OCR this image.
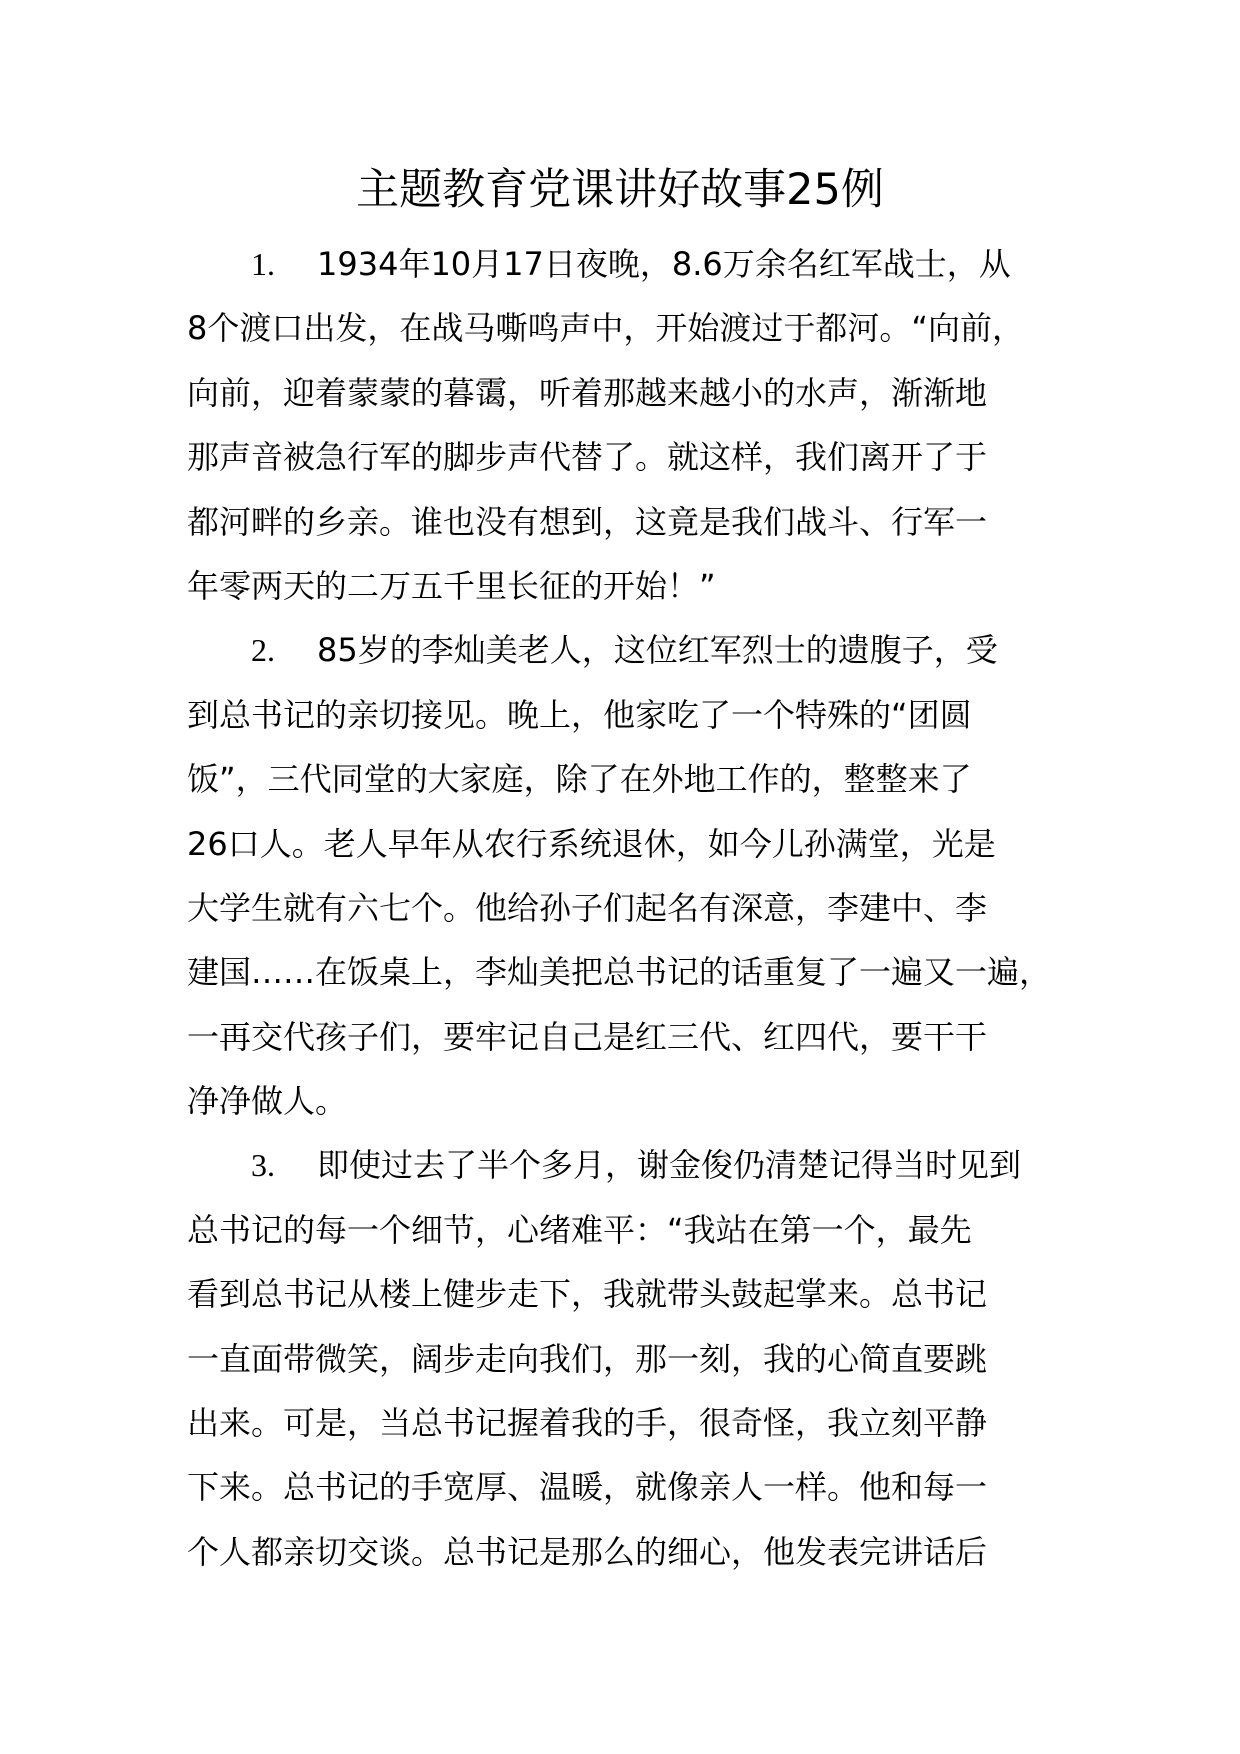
主题教育党课讲好故事25例
1. 1934年10月17日夜晚，8.6万余名红军战士，从
8个渡口出发，在战马嘶鸣声中，开始渡过于都河。“向前，
向前，迎着蒙蒙的暮霭，听着那越来越小的水声，渐渐地
那声音被急行军的脚步声代替了。就这样，我们离开了于
都河畔的乡亲。谁也没有想到，这竟是我们战斗、行军一
年零两天的二万五千里长征的开始！”
2. 85岁的李灿美老人，这位红军烈士的遗腹子，受
到总书记的亲切接见。晚上，他家吃了一个特殊的“团圆
饭”，三代同堂的大家庭，除了在外地工作的，整整来了
26口人。老人早年从农行系统退休，如今儿孙满堂，光是
大学生就有六七个。他给孙子们起名有深意，李建中、李
建国……在饭桌上，李灿美把总书记的话重复了一遍又一遍，
一再交代孩子们，要牢记自己是红三代、红四代，要干干
净净做人。
3. 即使过去了半个多月，谢金俊仍清楚记得当时见到
总书记的每一个细节，心绪难平：“我站在第一个，最先
看到总书记从楼上健步走下，我就带头鼓起掌来。总书记
一直面带微笑，阔步走向我们，那一刻，我的心简直要跳
出来。可是，当总书记握着我的手，很奇怪，我立刻平静
下来。总书记的手宽厚、温暖，就像亲人一样。他和每一
个人都亲切交谈。总书记是那么的细心，他发表完讲话后
